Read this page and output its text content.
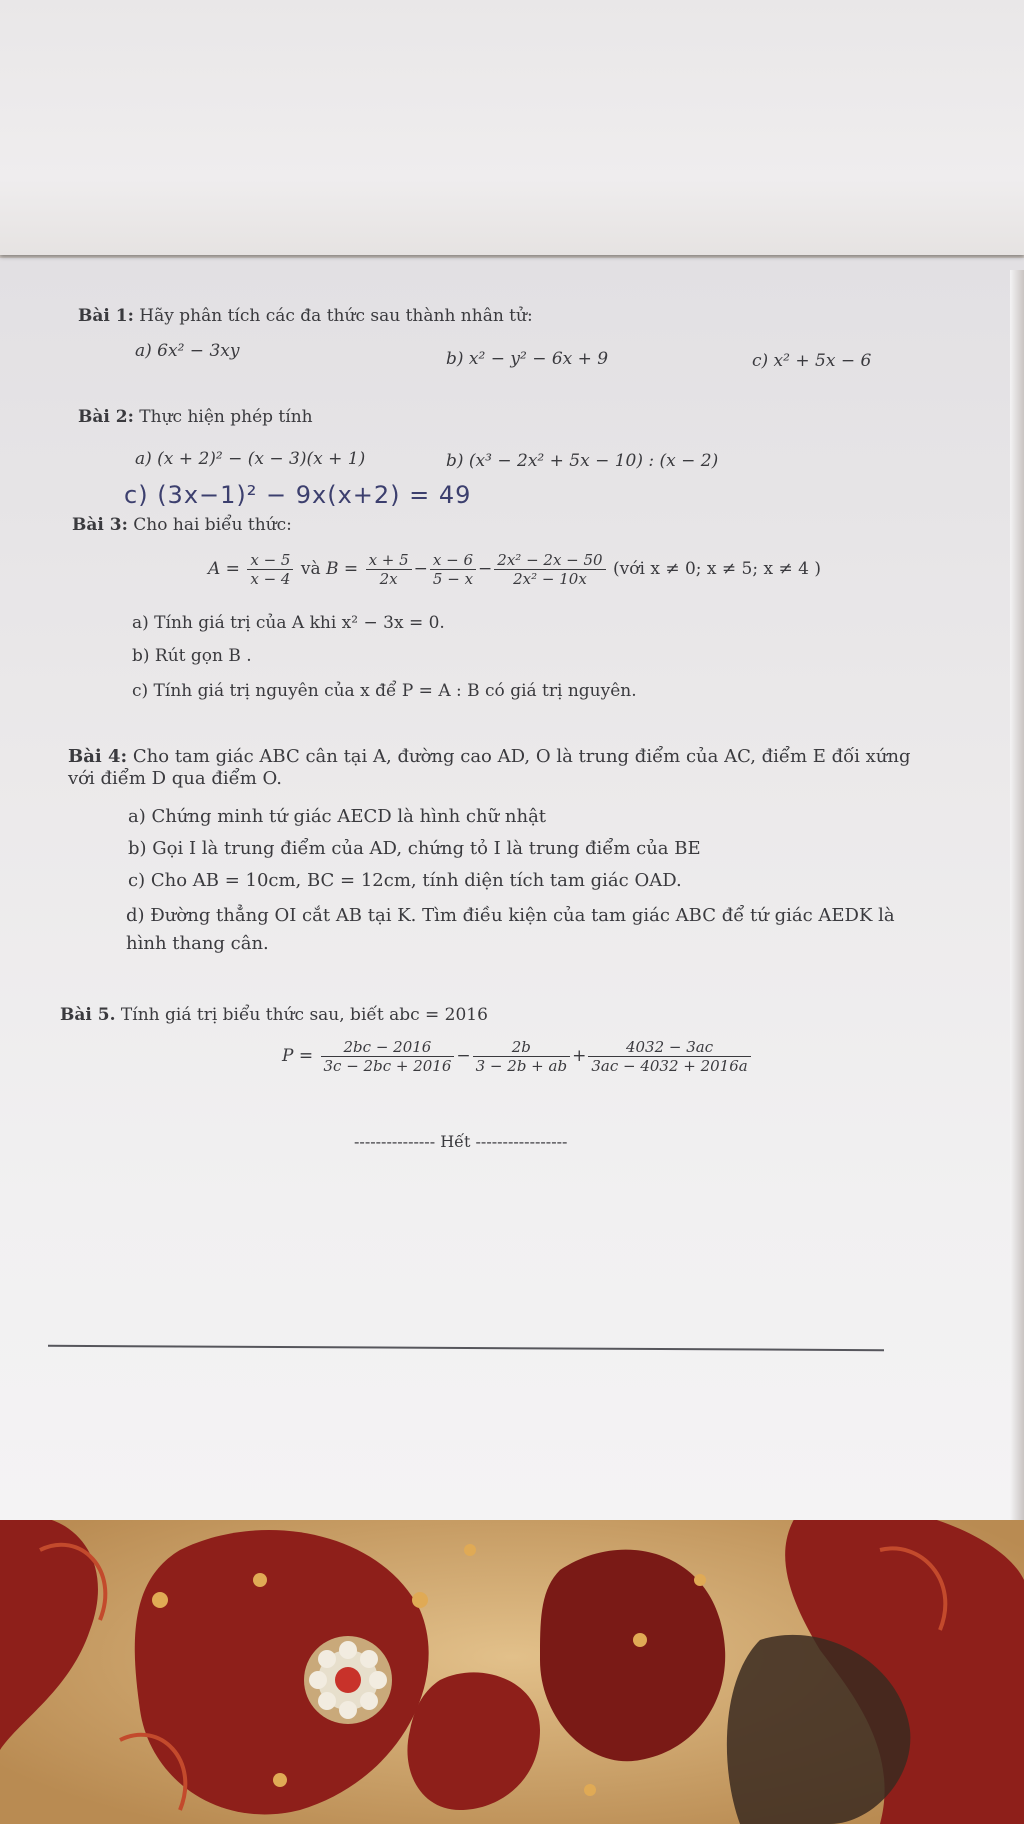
Bài 1: Hãy phân tích các đa thức sau thành nhân tử:
a) 6x² − 3xy	b) x² − y² − 6x + 9	c) x² + 5x − 6
Bài 2: Thực hiện phép tính
a) (x + 2)² − (x − 3)(x + 1)	b) (x³ − 2x² + 5x − 10) : (x − 2)
c) (3x−1)² − 9x(x+2) = 49
Bài 3: Cho hai biểu thức:
$A = \frac{x - 5}{x - 4}$ và $B = \frac{x + 5}{2x} - \frac{x - 6}{5 - x} - \frac{\text{2x² − 2x − 50}}{\text{2x² − 10x}}$ (với x ≠ 0; x ≠ 5; x ≠ 4 )
a) Tính giá trị của A khi x² − 3x = 0.
b) Rút gọn B .
c) Tính giá trị nguyên của x để P = A : B có giá trị nguyên.
Bài 4: Cho tam giác ABC cân tại A, đường cao AD, O là trung điểm của AC, điểm E đối xứng
với điểm D qua điểm O.
a) Chứng minh tứ giác AECD là hình chữ nhật
b) Gọi I là trung điểm của AD, chứng tỏ I là trung điểm của BE
c) Cho AB = 10cm, BC = 12cm, tính diện tích tam giác OAD.
d) Đường thẳng OI cắt AB tại K. Tìm điều kiện của tam giác ABC để tứ giác AEDK là
hình thang cân.
Bài 5. Tính giá trị biểu thức sau, biết abc = 2016
$P = \frac{2bc - 2016}{3c - 2bc + 2016} - \frac{2b}{3 - 2b + ab} + \frac{4032 - 3ac}{3ac - 4032 + 2016a}$
--------------- Hết -----------------
